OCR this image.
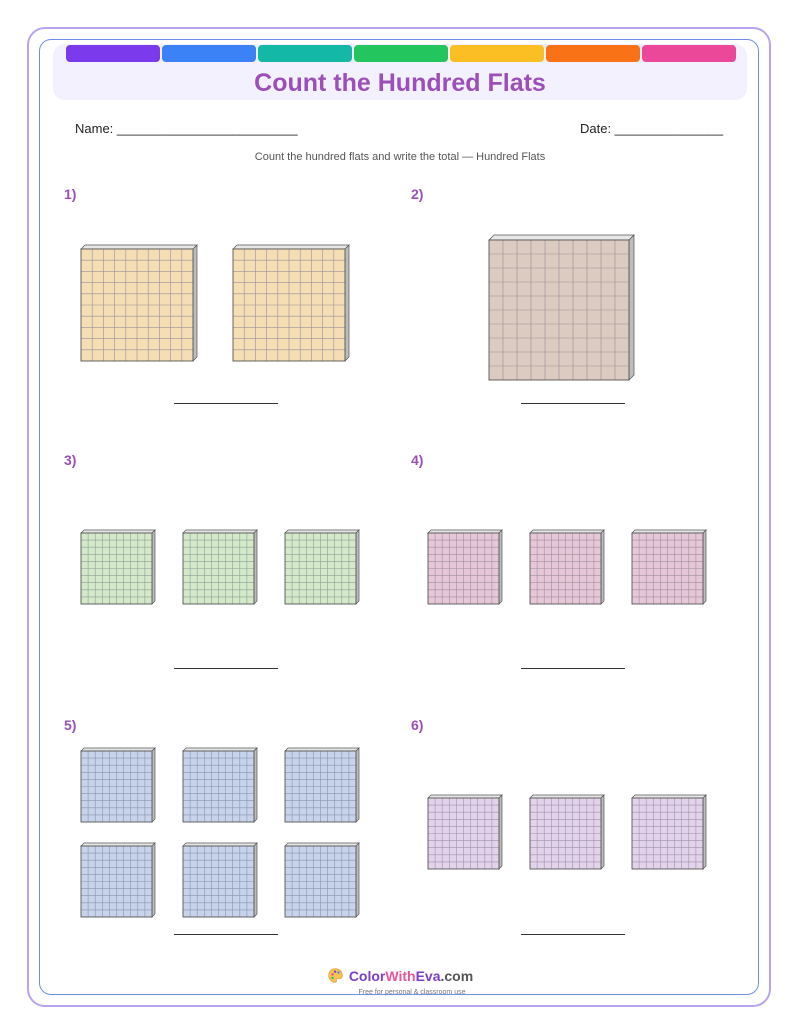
Count the Hundred Flats
Name: _________________________	Date: _______________
Count the hundred flats and write the total — Hundred Flats
1)	2)
3)	4)
5)	6)
ColorWithEva.com
Free for personal & classroom use
